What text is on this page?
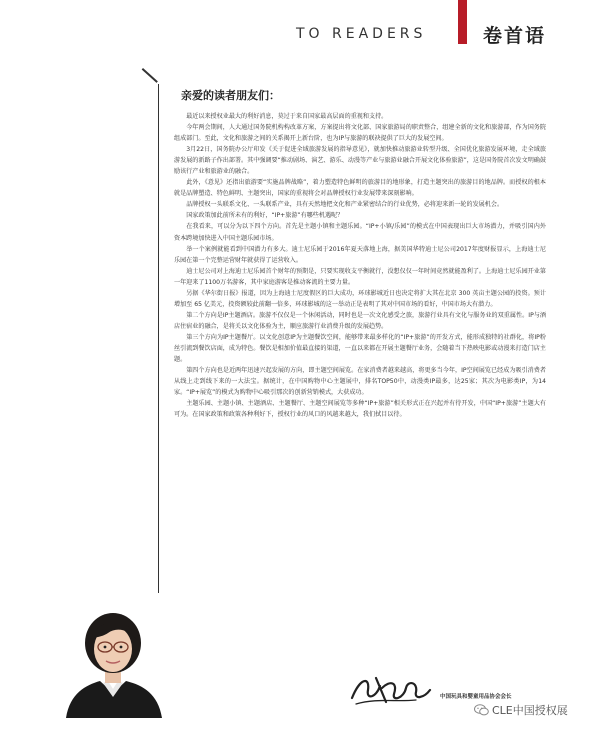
TO READERS	卷首语
亲爱的读者朋友们：

最近以来授权业最大的利好消息，莫过于来自国家最高层面的重视和支持。

今年两会期间，人大通过国务院机构构改革方案，方案提出将文化部、国家旅游局的职责整合，组建全新的文化和旅游部，作为国务院组成部门。至此，文化和旅游之间的关系揭开上新台阶，也为IP与旅游的联袂提供了巨大的发展空间。

3月22日，国务院办公厅印发《关于促进全域旅游发展的指导意见》，就加快推动旅游业转型升级、全国优化旅游发展环境，走全域旅游发展的新路子作出部署。其中强调要“推动剧场、演艺、游乐、动漫等产业与旅游业融合开展文化体验旅游”，这是国务院首次发文明确鼓励该行产业和旅游业的融合。

此外，《意见》还指出旅游要“实施品牌战略”，着力塑造特色鲜明的旅游目的地形象，打造主题突出的旅游目的地品牌。而授权的根本就是品牌塑造、特色鲜明、主题突出，国家的重视将会对品牌授权行业发展带来深刻影响。

品牌授权一头联系文化、一头联系产业，具有天然地把文化和产业紧密结合的行业优势，必将迎来新一轮的发展机会。

国家政策加此前所未有的利好，“IP+旅游”有哪些机遇呢？

在我看来，可以分为以下四个方向。首先是主题小镇和主题乐园。“IP+小镇/乐园”的模式在中国表现出巨大市场潜力，并吸引国内外资本跨境加快进入中国主题乐园市场。

举一个案例就能看到中国潜力有多大。迪士尼乐园于2016年夏天落地上海，据美国华特迪士尼公司2017年度财报显示，上海迪士尼乐园在第一个完整运营财年就获得了运营收入。

迪士尼公司对上海迪士尼乐园首个财年的预期是，只要实现收支平衡就行，没想仅仅一年时间竟然就能盈利了。上海迪士尼乐园开业第一年迎来了1100万名游客，其中家庭游客是推动客流的主要力量。

另据《华尔街日报》报道，因为上海迪士尼度假区的巨大成功，环球影城近日也决定将扩大其在北京 300 英亩主题公园的投资。预计增加至 65 亿美元，投资额较此前翻一倍多，环球影城的这一举动正是表明了其对中国市场的看好，中国市场大有潜力。

第二个方向是IP主题酒店。旅游不仅仅是一个休闲活动，同时也是一次文化感受之旅，旅游行业具有文化与服务业的双重属性。IP与酒店住宿业的融合，是将关以文化体验为主，顺应旅游行业消费升级的发展趋势。

第三个方向为IP主题餐厅。以文化创意IP为主题餐饮空间，能够带来最多样化的“IP+旅游”的开发方式，能形成独特的社群化，将IP粉丝引流到餐饮店面，成为特色。餐饮是相加价值最直接的渠道，一直以来都在开展主题餐厅业务，会随着当下热映电影或动漫来打造门店主题。

第四个方向也是近两年迅速兴起发展的方向，即主题空间展览。在家消费者越来越高，将更多当今年，IP空间展览已经成为吸引消费者从线上走到线下来的一大法宝。据统计，在中国购物中心主题展中，排名TOP50中，动漫类IP最多，达25家；其次为电影类IP，为14家。“IP+展览”的模式为购物中心吸引那次的创新营销模式，大获成功。

主题乐园、主题小镇、主题酒店、主题餐厅、主题空间展览等多种“IP+旅游”相关形式正在兴起并有待开发，中国“IP+旅游”主题大有可为。在国家政策和政策各种利好下，授权行业的风口的风越来越大，我们拭目以待。

中国玩具和婴童用品协会会长
CLE中国授权展
